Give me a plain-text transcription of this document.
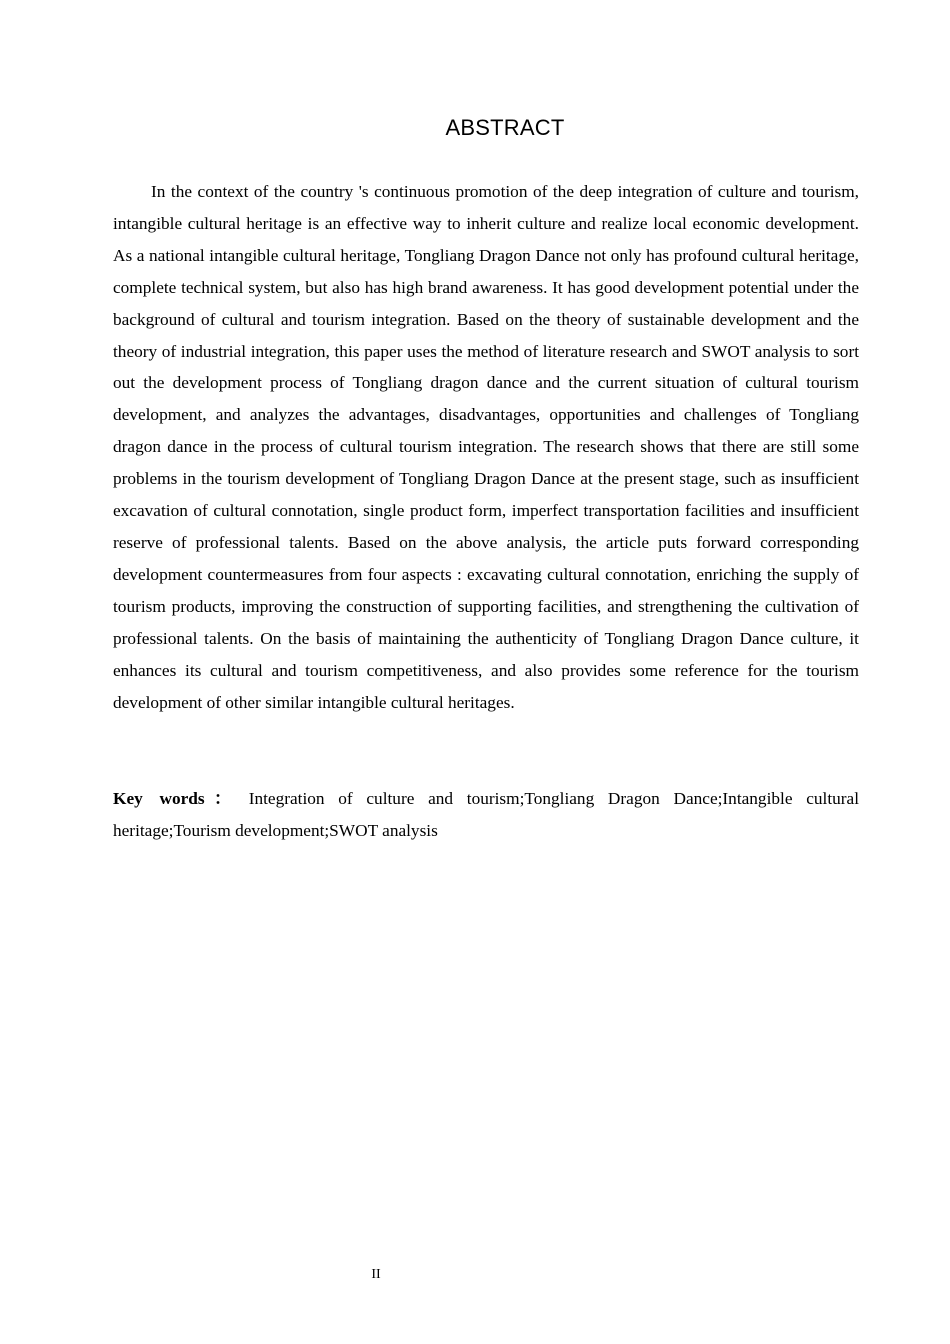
ABSTRACT

In the context of the country 's continuous promotion of the deep integration of culture and tourism, intangible cultural heritage is an effective way to inherit culture and realize local economic development. As a national intangible cultural heritage, Tongliang Dragon Dance not only has profound cultural heritage, complete technical system, but also has high brand awareness. It has good development potential under the background of cultural and tourism integration. Based on the theory of sustainable development and the theory of industrial integration, this paper uses the method of literature research and SWOT analysis to sort out the development process of Tongliang dragon dance and the current situation of cultural tourism development, and analyzes the advantages, disadvantages, opportunities and challenges of Tongliang dragon dance in the process of cultural tourism integration. The research shows that there are still some problems in the tourism development of Tongliang Dragon Dance at the present stage, such as insufficient excavation of cultural connotation, single product form, imperfect transportation facilities and insufficient reserve of professional talents. Based on the above analysis, the article puts forward corresponding development countermeasures from four aspects : excavating cultural connotation, enriching the supply of tourism products, improving the construction of supporting facilities, and strengthening the cultivation of professional talents. On the basis of maintaining the authenticity of Tongliang Dragon Dance culture, it enhances its cultural and tourism competitiveness, and also provides some reference for the tourism development of other similar intangible cultural heritages.

Key words： Integration of culture and tourism;Tongliang Dragon Dance;Intangible cultural heritage;Tourism development;SWOT analysis

II
